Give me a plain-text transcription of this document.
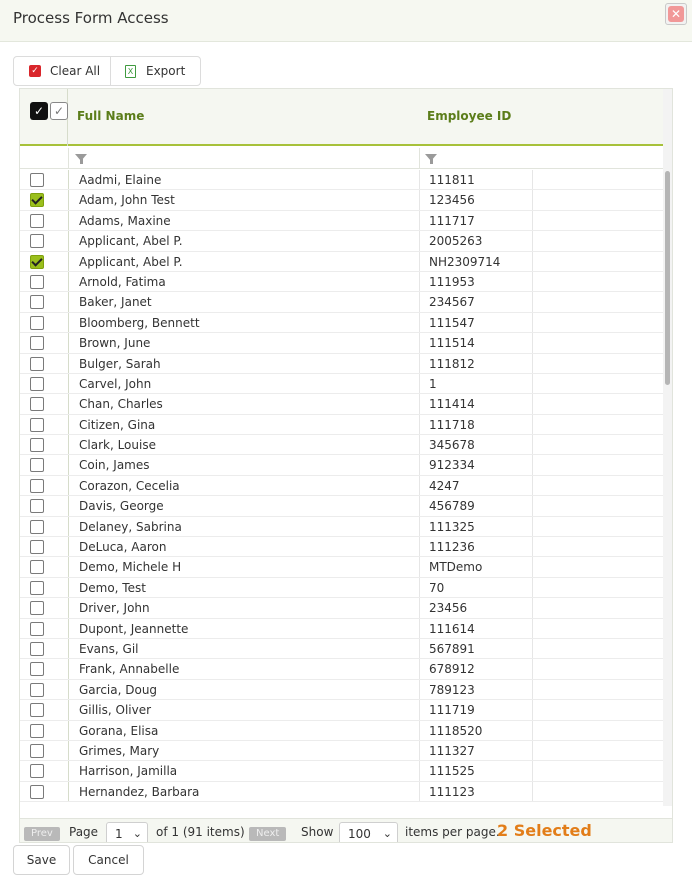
Process Form Access	✕
✓ Clear All	X Export
✓ ✓	Full Name	Employee ID
Aadmi, Elaine	111811
Adam, John Test	123456
Adams, Maxine	111717
Applicant, Abel P.	2005263
Applicant, Abel P.	NH2309714
Arnold, Fatima	111953
Baker, Janet	234567
Bloomberg, Bennett	111547
Brown, June	111514
Bulger, Sarah	111812
Carvel, John	1
Chan, Charles	111414
Citizen, Gina	111718
Clark, Louise	345678
Coin, James	912334
Corazon, Cecelia	4247
Davis, George	456789
Delaney, Sabrina	111325
DeLuca, Aaron	111236
Demo, Michele H	MTDemo
Demo, Test	70
Driver, John	23456
Dupont, Jeannette	111614
Evans, Gil	567891
Frank, Annabelle	678912
Garcia, Doug	789123
Gillis, Oliver	111719
Gorana, Elisa	1118520
Grimes, Mary	111327
Harrison, Jamilla	111525
Hernandez, Barbara	111123
Prev	Page	1 ⌄ of 1 (91 items)	Next	Show	100 ⌄ items per page.
2 Selected
Save	Cancel
